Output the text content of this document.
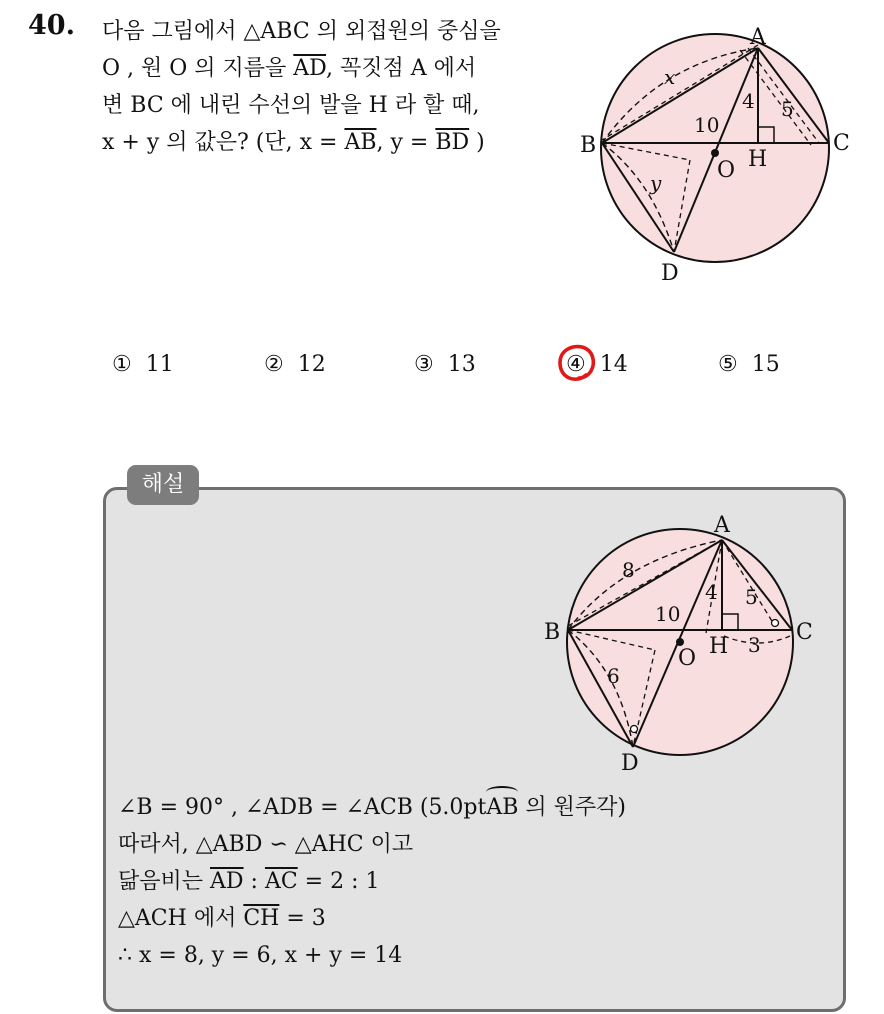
40. 다음 그림에서 △ABC 의 외접원의 중심을
O , 원 O 의 지름을 $\overline{AD}$, 꼭짓점 A 에서
변 BC 에 내린 수선의 발을 H 라 할 때,
x + y 의 값은? (단, $x = \overline{AB}$, $y = \overline{BD}$ )
A
B	C
D
O H
x
y
10
4 5
① 11	② 12	③ 13	④ 14	⑤ 15
해설
A
B	C
D
O H
8
6
10
4 5
3
∠B = 90° , ∠ADB = ∠ACB (5.0ptAB 의 원주각)
따라서, △ABD ∽ △AHC 이고
닮음비는 $\overline{AD}$ : $\overline{AC} = 2$ : 1
△ACH 에서 $\overline{CH} = 3$
∴ x = 8, y = 6, x + y = 14
